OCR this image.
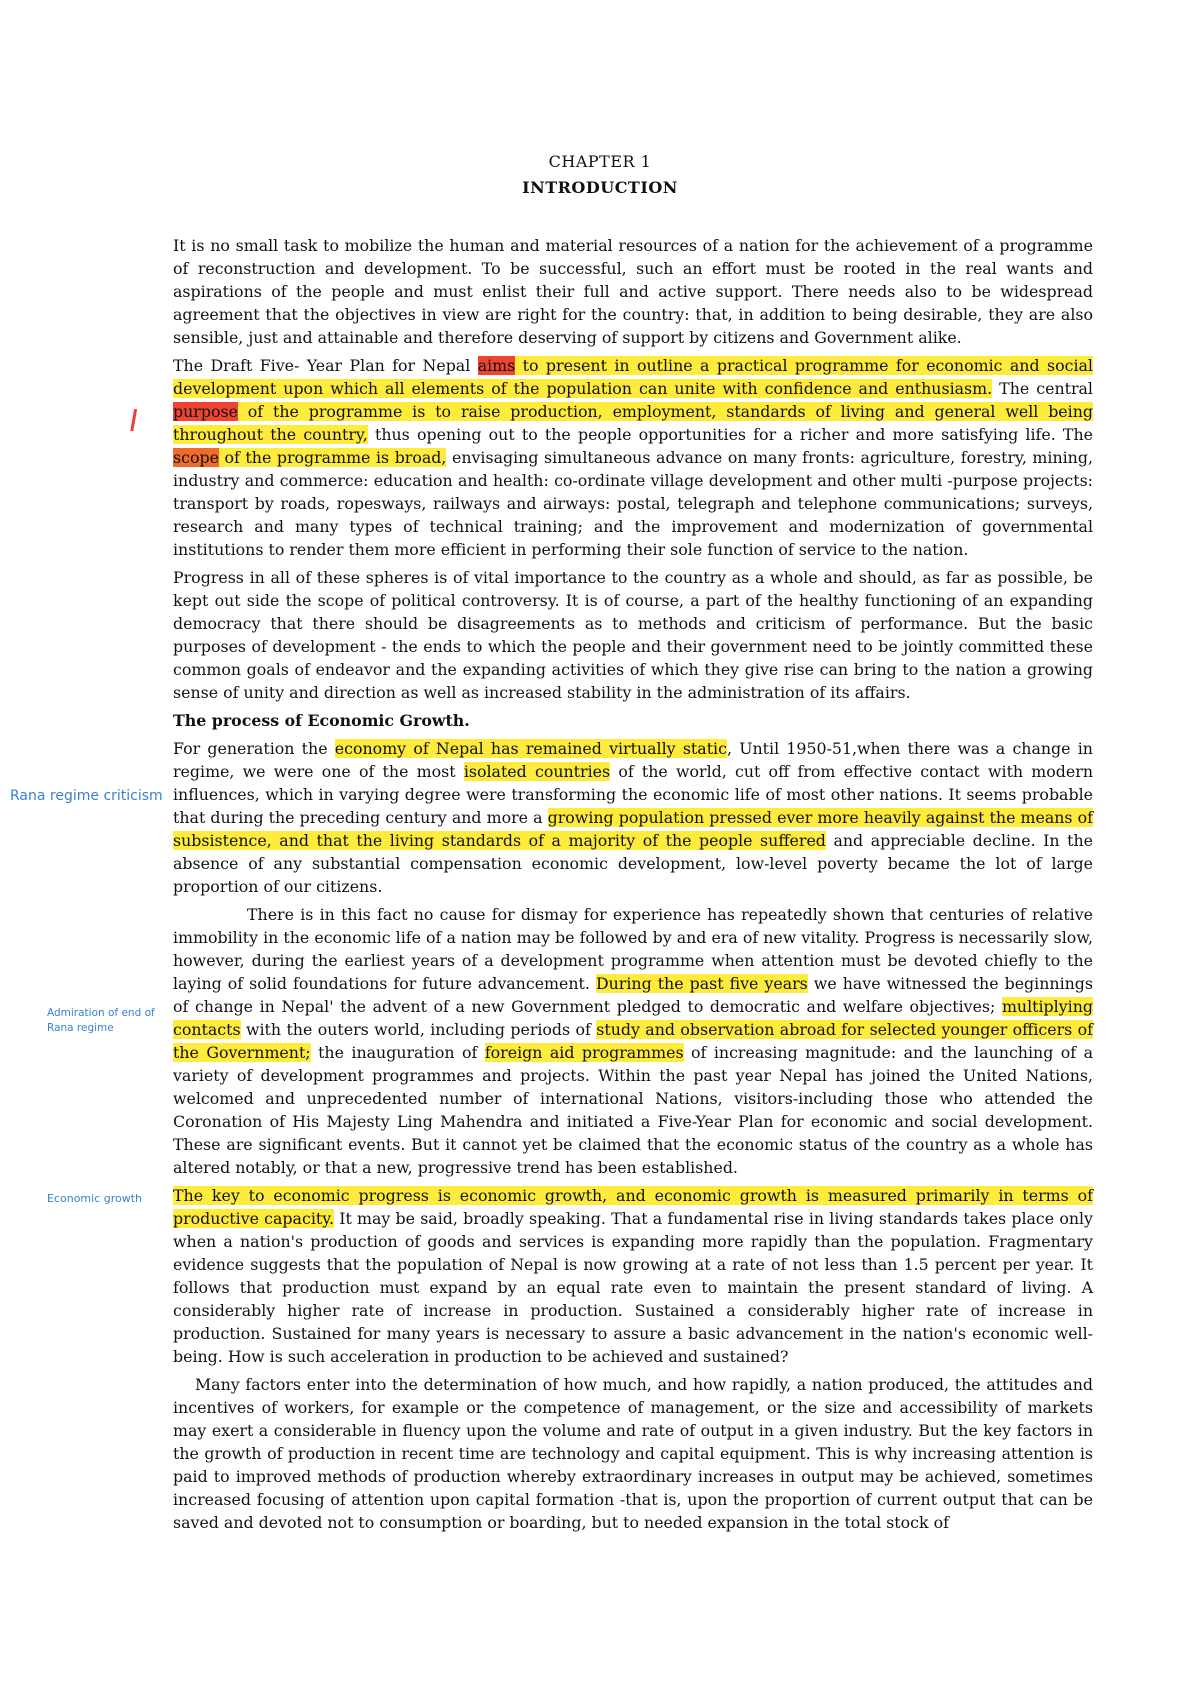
CHAPTER 1
INTRODUCTION
I
Rana regime criticism
Admiration of end of
Rana regime
Economic growth

It is no small task to mobilize the human and material resources of a nation for the achievement of a programme of reconstruction and development. To be successful, such an effort must be rooted in the real wants and aspirations of the people and must enlist their full and active support. There needs also to be widespread agreement that the objectives in view are right for the country: that, in addition to being desirable, they are also sensible, just and attainable and therefore deserving of support by citizens and Government alike.

The Draft Five- Year Plan for Nepal aims to present in outline a practical programme for economic and social development upon which all elements of the population can unite with confidence and enthusiasm. The central purpose of the programme is to raise production, employment, standards of living and general well being throughout the country, thus opening out to the people opportunities for a richer and more satisfying life. The scope of the programme is broad, envisaging simultaneous advance on many fronts: agriculture, forestry, mining, industry and commerce: education and health: co-ordinate village development and other multi -purpose projects: transport by roads, ropesways, railways and airways: postal, telegraph and telephone communications; surveys, research and many types of technical training; and the improvement and modernization of governmental institutions to render them more efficient in performing their sole function of service to the nation.

Progress in all of these spheres is of vital importance to the country as a whole and should, as far as possible, be kept out side the scope of political controversy. It is of course, a part of the healthy functioning of an expanding democracy that there should be disagreements as to methods and criticism of performance. But the basic purposes of development - the ends to which the people and their government need to be jointly committed these common goals of endeavor and the expanding activities of which they give rise can bring to the nation a growing sense of unity and direction as well as increased stability in the administration of its affairs.

The process of Economic Growth.

For generation the economy of Nepal has remained virtually static, Until 1950-51,when there was a change in regime, we were one of the most isolated countries of the world, cut off from effective contact with modern influences, which in varying degree were transforming the economic life of most other nations. It seems probable that during the preceding century and more a growing population pressed ever more heavily against the means of subsistence, and that the living standards of a majority of the people suffered and appreciable decline. In the absence of any substantial compensation economic development, low-level poverty became the lot of large proportion of our citizens.

There is in this fact no cause for dismay for experience has repeatedly shown that centuries of relative immobility in the economic life of a nation may be followed by and era of new vitality. Progress is necessarily slow, however, during the earliest years of a development programme when attention must be devoted chiefly to the laying of solid foundations for future advancement. During the past five years we have witnessed the beginnings of change in Nepal' the advent of a new Government pledged to democratic and welfare objectives; multiplying contacts with the outers world, including periods of study and observation abroad for selected younger officers of the Government; the inauguration of foreign aid programmes of increasing magnitude: and the launching of a variety of development programmes and projects. Within the past year Nepal has joined the United Nations, welcomed and unprecedented number of international Nations, visitors-including those who attended the Coronation of His Majesty Ling Mahendra and initiated a Five-Year Plan for economic and social development. These are significant events. But it cannot yet be claimed that the economic status of the country as a whole has altered notably, or that a new, progressive trend has been established.

The key to economic progress is economic growth, and economic growth is measured primarily in terms of productive capacity. It may be said, broadly speaking. That a fundamental rise in living standards takes place only when a nation's production of goods and services is expanding more rapidly than the population. Fragmentary evidence suggests that the population of Nepal is now growing at a rate of not less than 1.5 percent per year. It follows that production must expand by an equal rate even to maintain the present standard of living. A considerably higher rate of increase in production. Sustained a considerably higher rate of increase in production. Sustained for many years is necessary to assure a basic advancement in the nation's economic well-being. How is such acceleration in production to be achieved and sustained?

Many factors enter into the determination of how much, and how rapidly, a nation produced, the attitudes and incentives of workers, for example or the competence of management, or the size and accessibility of markets may exert a considerable in fluency upon the volume and rate of output in a given industry. But the key factors in the growth of production in recent time are technology and capital equipment. This is why increasing attention is paid to improved methods of production whereby extraordinary increases in output may be achieved, sometimes increased focusing of attention upon capital formation -that is, upon the proportion of current output that can be saved and devoted not to consumption or boarding, but to needed expansion in the total stock of
